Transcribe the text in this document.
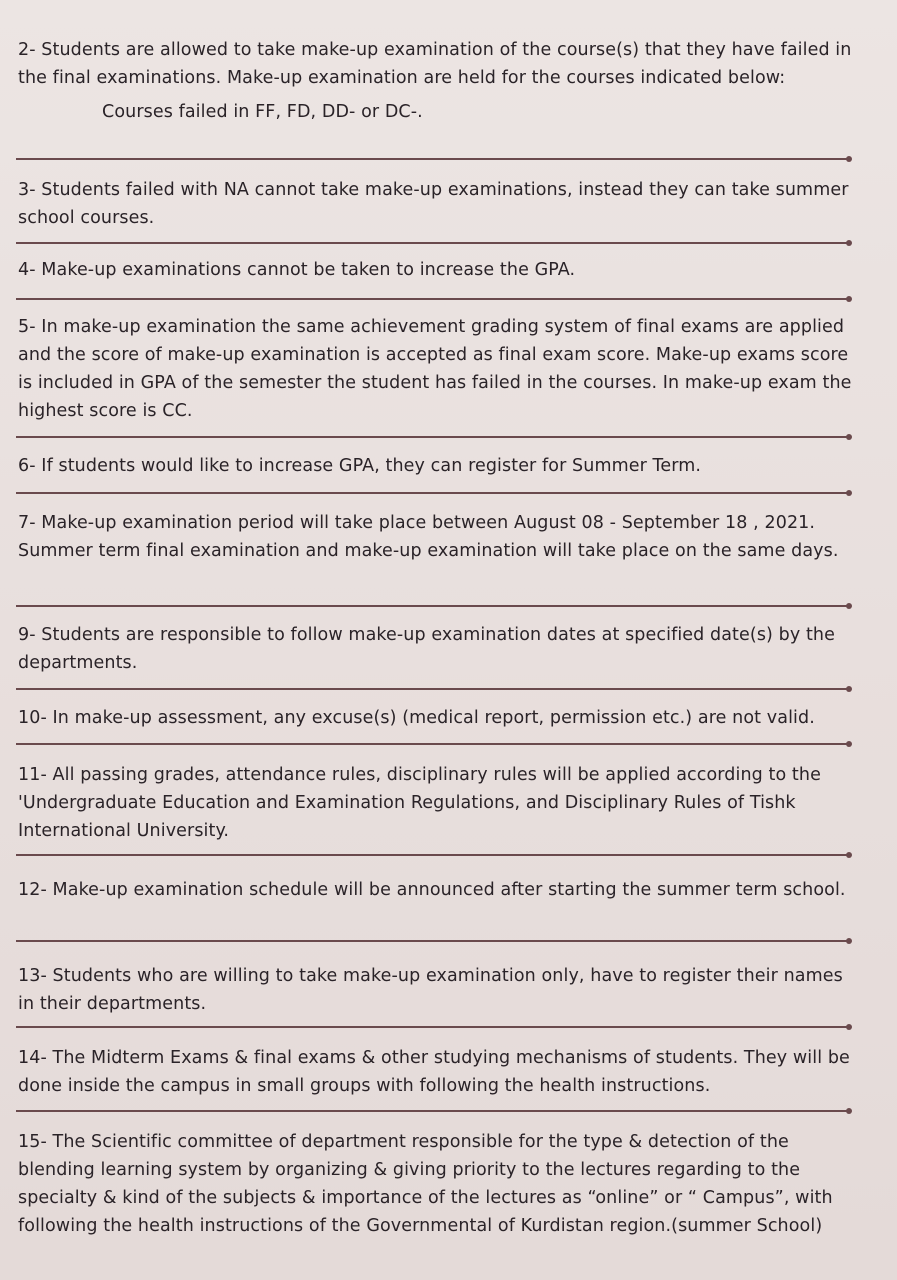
2- Students are allowed to take make-up examination of the course(s) that they have failed in the final examinations. Make-up examination are held for the courses indicated below:

Courses failed in FF, FD, DD- or DC-.

3- Students failed with NA cannot take make-up examinations, instead they can take summer school courses.

4- Make-up examinations cannot be taken to increase the GPA.

5- In make-up examination the same achievement grading system of final exams are applied and the score of make-up examination is accepted as final exam score. Make-up exams score is included in GPA of the semester the student has failed in the courses. In make-up exam the highest score is CC.

6- If students would like to increase GPA, they can register for Summer Term.

7- Make-up examination period will take place between August 08 - September 18 , 2021. Summer term final examination and make-up examination will take place on the same days.

9- Students are responsible to follow make-up examination dates at specified date(s) by the departments.

10- In make-up assessment, any excuse(s) (medical report, permission etc.) are not valid.

11- All passing grades, attendance rules, disciplinary rules will be applied according to the 'Undergraduate Education and Examination Regulations, and Disciplinary Rules of Tishk International University.

12- Make-up examination schedule will be announced after starting the summer term school.

13- Students who are willing to take make-up examination only, have to register their names in their departments.

14- The Midterm Exams & final exams & other studying mechanisms of students. They will be done inside the campus in small groups with following the health instructions.

15- The Scientific committee of department responsible for the type & detection of the blending learning system by organizing & giving priority to the lectures regarding to the specialty & kind of the subjects & importance of the lectures as “online” or “ Campus”, with following the health instructions of the Governmental of Kurdistan region.(summer School)
